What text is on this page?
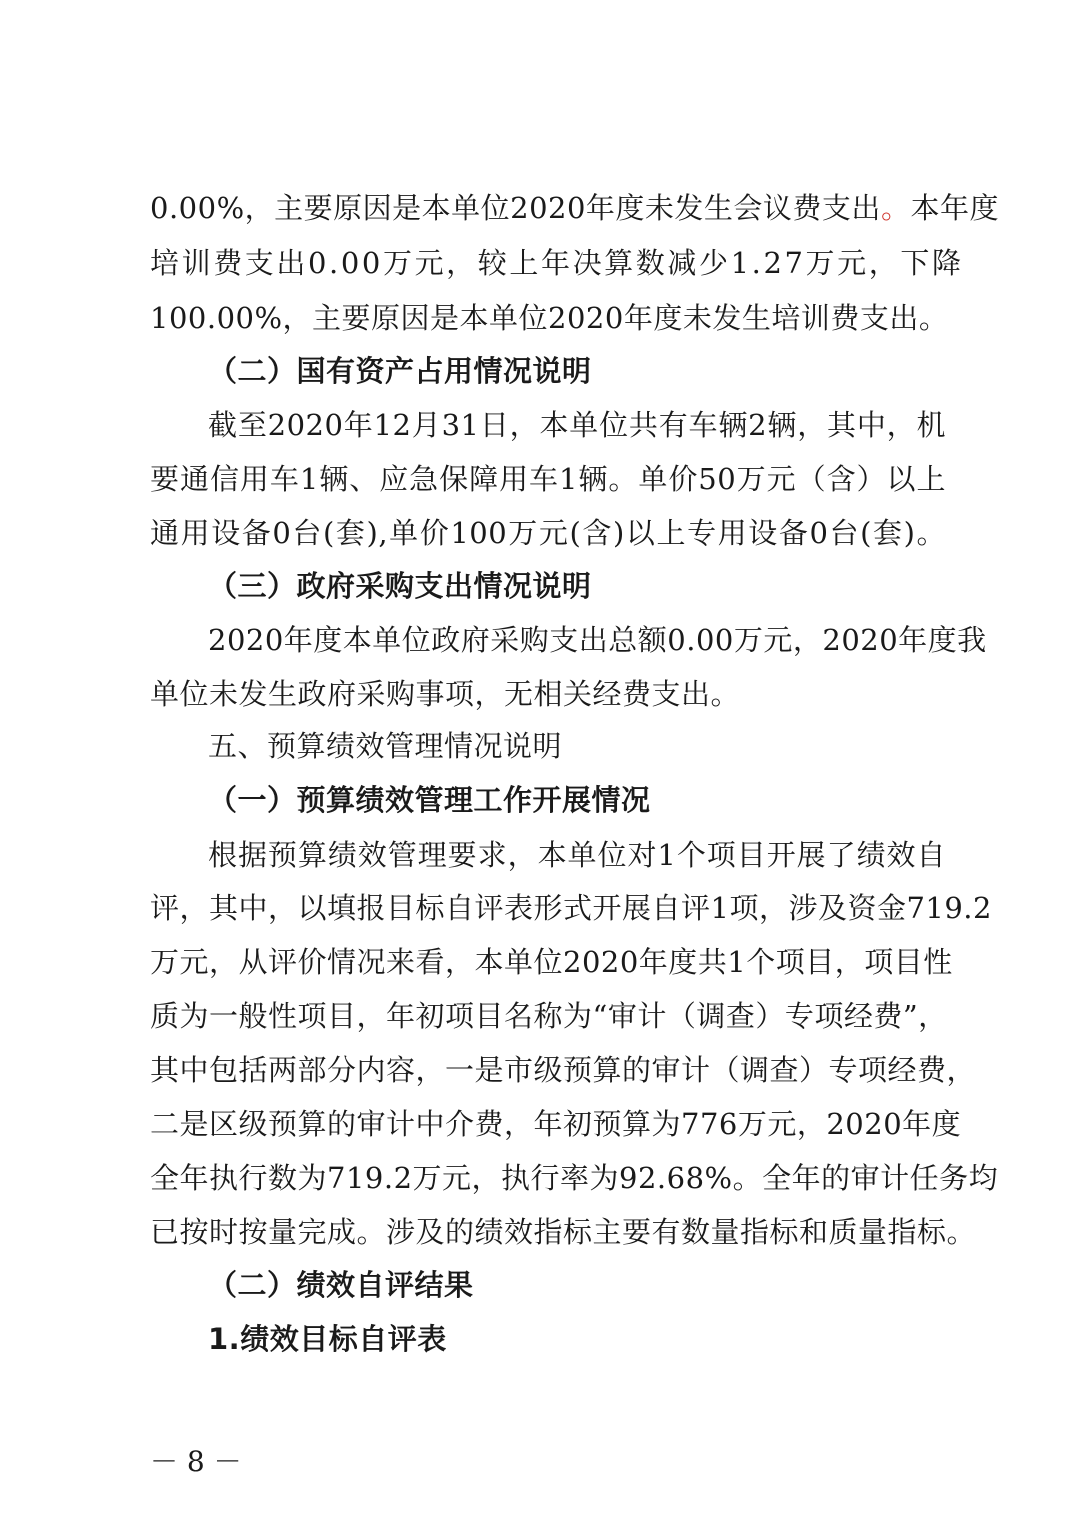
0.00%，主要原因是本单位2020年度未发生会议费支出。本年度
培训费支出0.00万元，较上年决算数减少1.27万元，下降
100.00%，主要原因是本单位2020年度未发生培训费支出。
（二）国有资产占用情况说明
截至2020年12月31日，本单位共有车辆2辆，其中，机
要通信用车1辆、应急保障用车1辆。单价50万元（含）以上
通用设备0台(套),单价100万元(含)以上专用设备0台(套)。
（三）政府采购支出情况说明
2020年度本单位政府采购支出总额0.00万元，2020年度我
单位未发生政府采购事项，无相关经费支出。
五、预算绩效管理情况说明
（一）预算绩效管理工作开展情况
根据预算绩效管理要求，本单位对1个项目开展了绩效自
评，其中，以填报目标自评表形式开展自评1项，涉及资金719.2
万元，从评价情况来看，本单位2020年度共1个项目，项目性
质为一般性项目，年初项目名称为“审计（调查）专项经费”，
其中包括两部分内容，一是市级预算的审计（调查）专项经费，
二是区级预算的审计中介费，年初预算为776万元，2020年度
全年执行数为719.2万元，执行率为92.68%。全年的审计任务均
已按时按量完成。涉及的绩效指标主要有数量指标和质量指标。
（二）绩效自评结果
1.绩效目标自评表
－ 8 －
